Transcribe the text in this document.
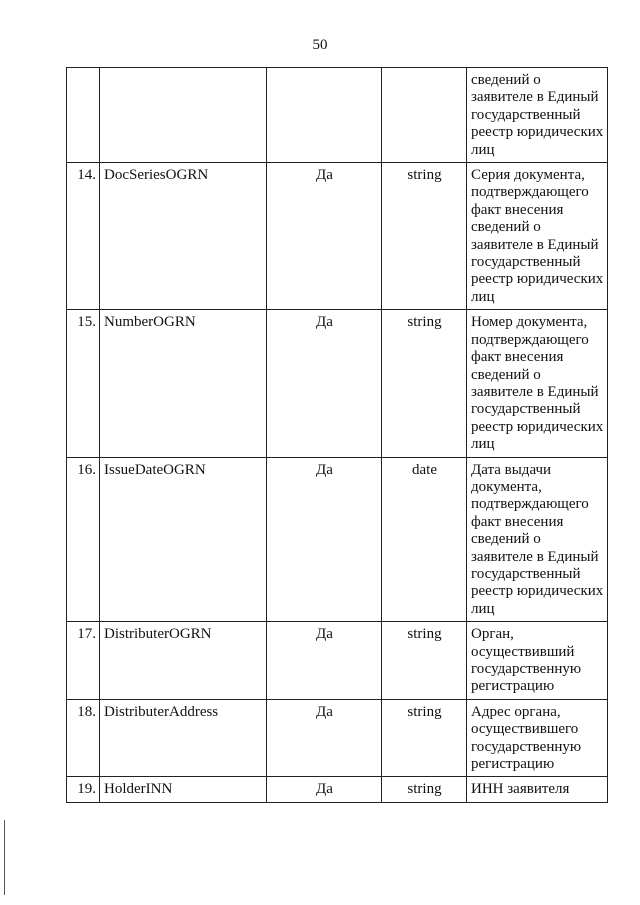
50
				сведений о заявителе в Единый государственный реестр юридических лиц
14.	DocSeriesOGRN	Да	string	Серия документа, подтверждающего факт внесения сведений о заявителе в Единый государственный реестр юридических лиц
15.	NumberOGRN	Да	string	Номер документа, подтверждающего факт внесения сведений о заявителе в Единый государственный реестр юридических лиц
16.	IssueDateOGRN	Да	date	Дата выдачи документа, подтверждающего факт внесения сведений о заявителе в Единый государственный реестр юридических лиц
17.	DistributerOGRN	Да	string	Орган, осуществивший государственную регистрацию
18.	DistributerAddress	Да	string	Адрес органа, осуществившего государственную регистрацию
19.	HolderINN	Да	string	ИНН заявителя
